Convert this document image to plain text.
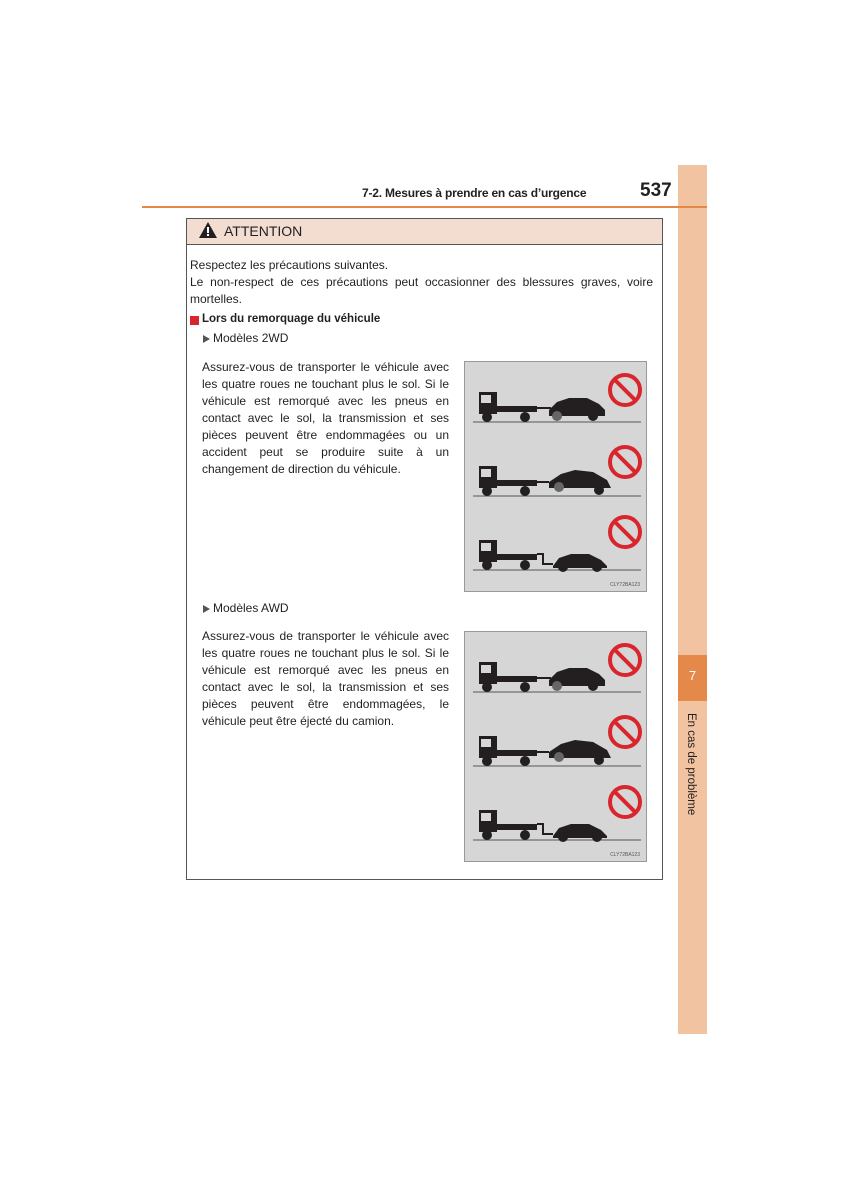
7
En cas de problème
7-2. Mesures à prendre en cas d’urgence	537
ATTENTION
Respectez les précautions suivantes.
Le non-respect de ces précautions peut occasionner des blessures graves, voire mortelles.
Lors du remorquage du véhicule
Modèles 2WD
Assurez-vous de transporter le véhicule avec les quatre roues ne touchant plus le sol. Si le véhicule est remorqué avec les pneus en contact avec le sol, la transmission et ses pièces peuvent être endommagées ou un accident peut se produire suite à un changement de direction du véhicule.
CLY72BA123
Modèles AWD
Assurez-vous de transporter le véhicule avec les quatre roues ne touchant plus le sol. Si le véhicule est remorqué avec les pneus en contact avec le sol, la transmission et ses pièces peuvent être endommagées, le véhicule peut être éjecté du camion.
CLY72BA123
